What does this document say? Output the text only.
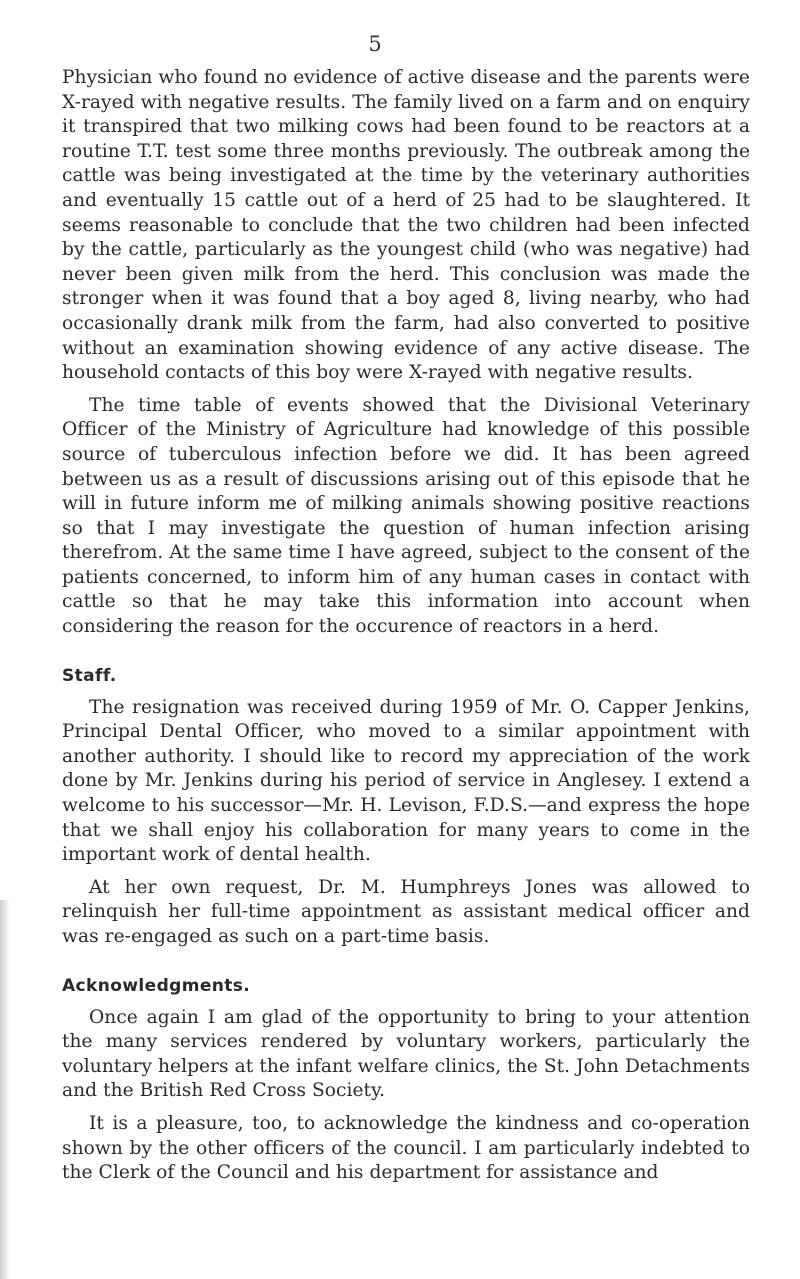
5

Physician who found no evidence of active disease and the parents were X-rayed with negative results. The family lived on a farm and on enquiry it transpired that two milking cows had been found to be reactors at a routine T.T. test some three months previously. The outbreak among the cattle was being investigated at the time by the veterinary authorities and eventually 15 cattle out of a herd of 25 had to be slaughtered. It seems reasonable to conclude that the two children had been infected by the cattle, particularly as the youngest child (who was negative) had never been given milk from the herd. This conclusion was made the stronger when it was found that a boy aged 8, living nearby, who had occasionally drank milk from the farm, had also converted to positive without an examination showing evidence of any active disease. The household contacts of this boy were X-rayed with negative results.

The time table of events showed that the Divisional Veterinary Officer of the Ministry of Agriculture had knowledge of this possible source of tuberculous infection before we did. It has been agreed between us as a result of discussions arising out of this episode that he will in future inform me of milking animals showing positive reactions so that I may investigate the question of human infection arising therefrom. At the same time I have agreed, subject to the consent of the patients concerned, to inform him of any human cases in contact with cattle so that he may take this information into account when considering the reason for the occurence of reactors in a herd.

Staff.

The resignation was received during 1959 of Mr. O. Capper Jenkins, Principal Dental Officer, who moved to a similar appointment with another authority. I should like to record my appreciation of the work done by Mr. Jenkins during his period of service in Anglesey. I extend a welcome to his successor—Mr. H. Levison, F.D.S.—and express the hope that we shall enjoy his collaboration for many years to come in the important work of dental health.

At her own request, Dr. M. Humphreys Jones was allowed to relinquish her full-time appointment as assistant medical officer and was re-engaged as such on a part-time basis.

Acknowledgments.

Once again I am glad of the opportunity to bring to your attention the many services rendered by voluntary workers, particularly the voluntary helpers at the infant welfare clinics, the St. John Detachments and the British Red Cross Society.

It is a pleasure, too, to acknowledge the kindness and co-operation shown by the other officers of the council. I am particularly indebted to the Clerk of the Council and his department for assistance and
